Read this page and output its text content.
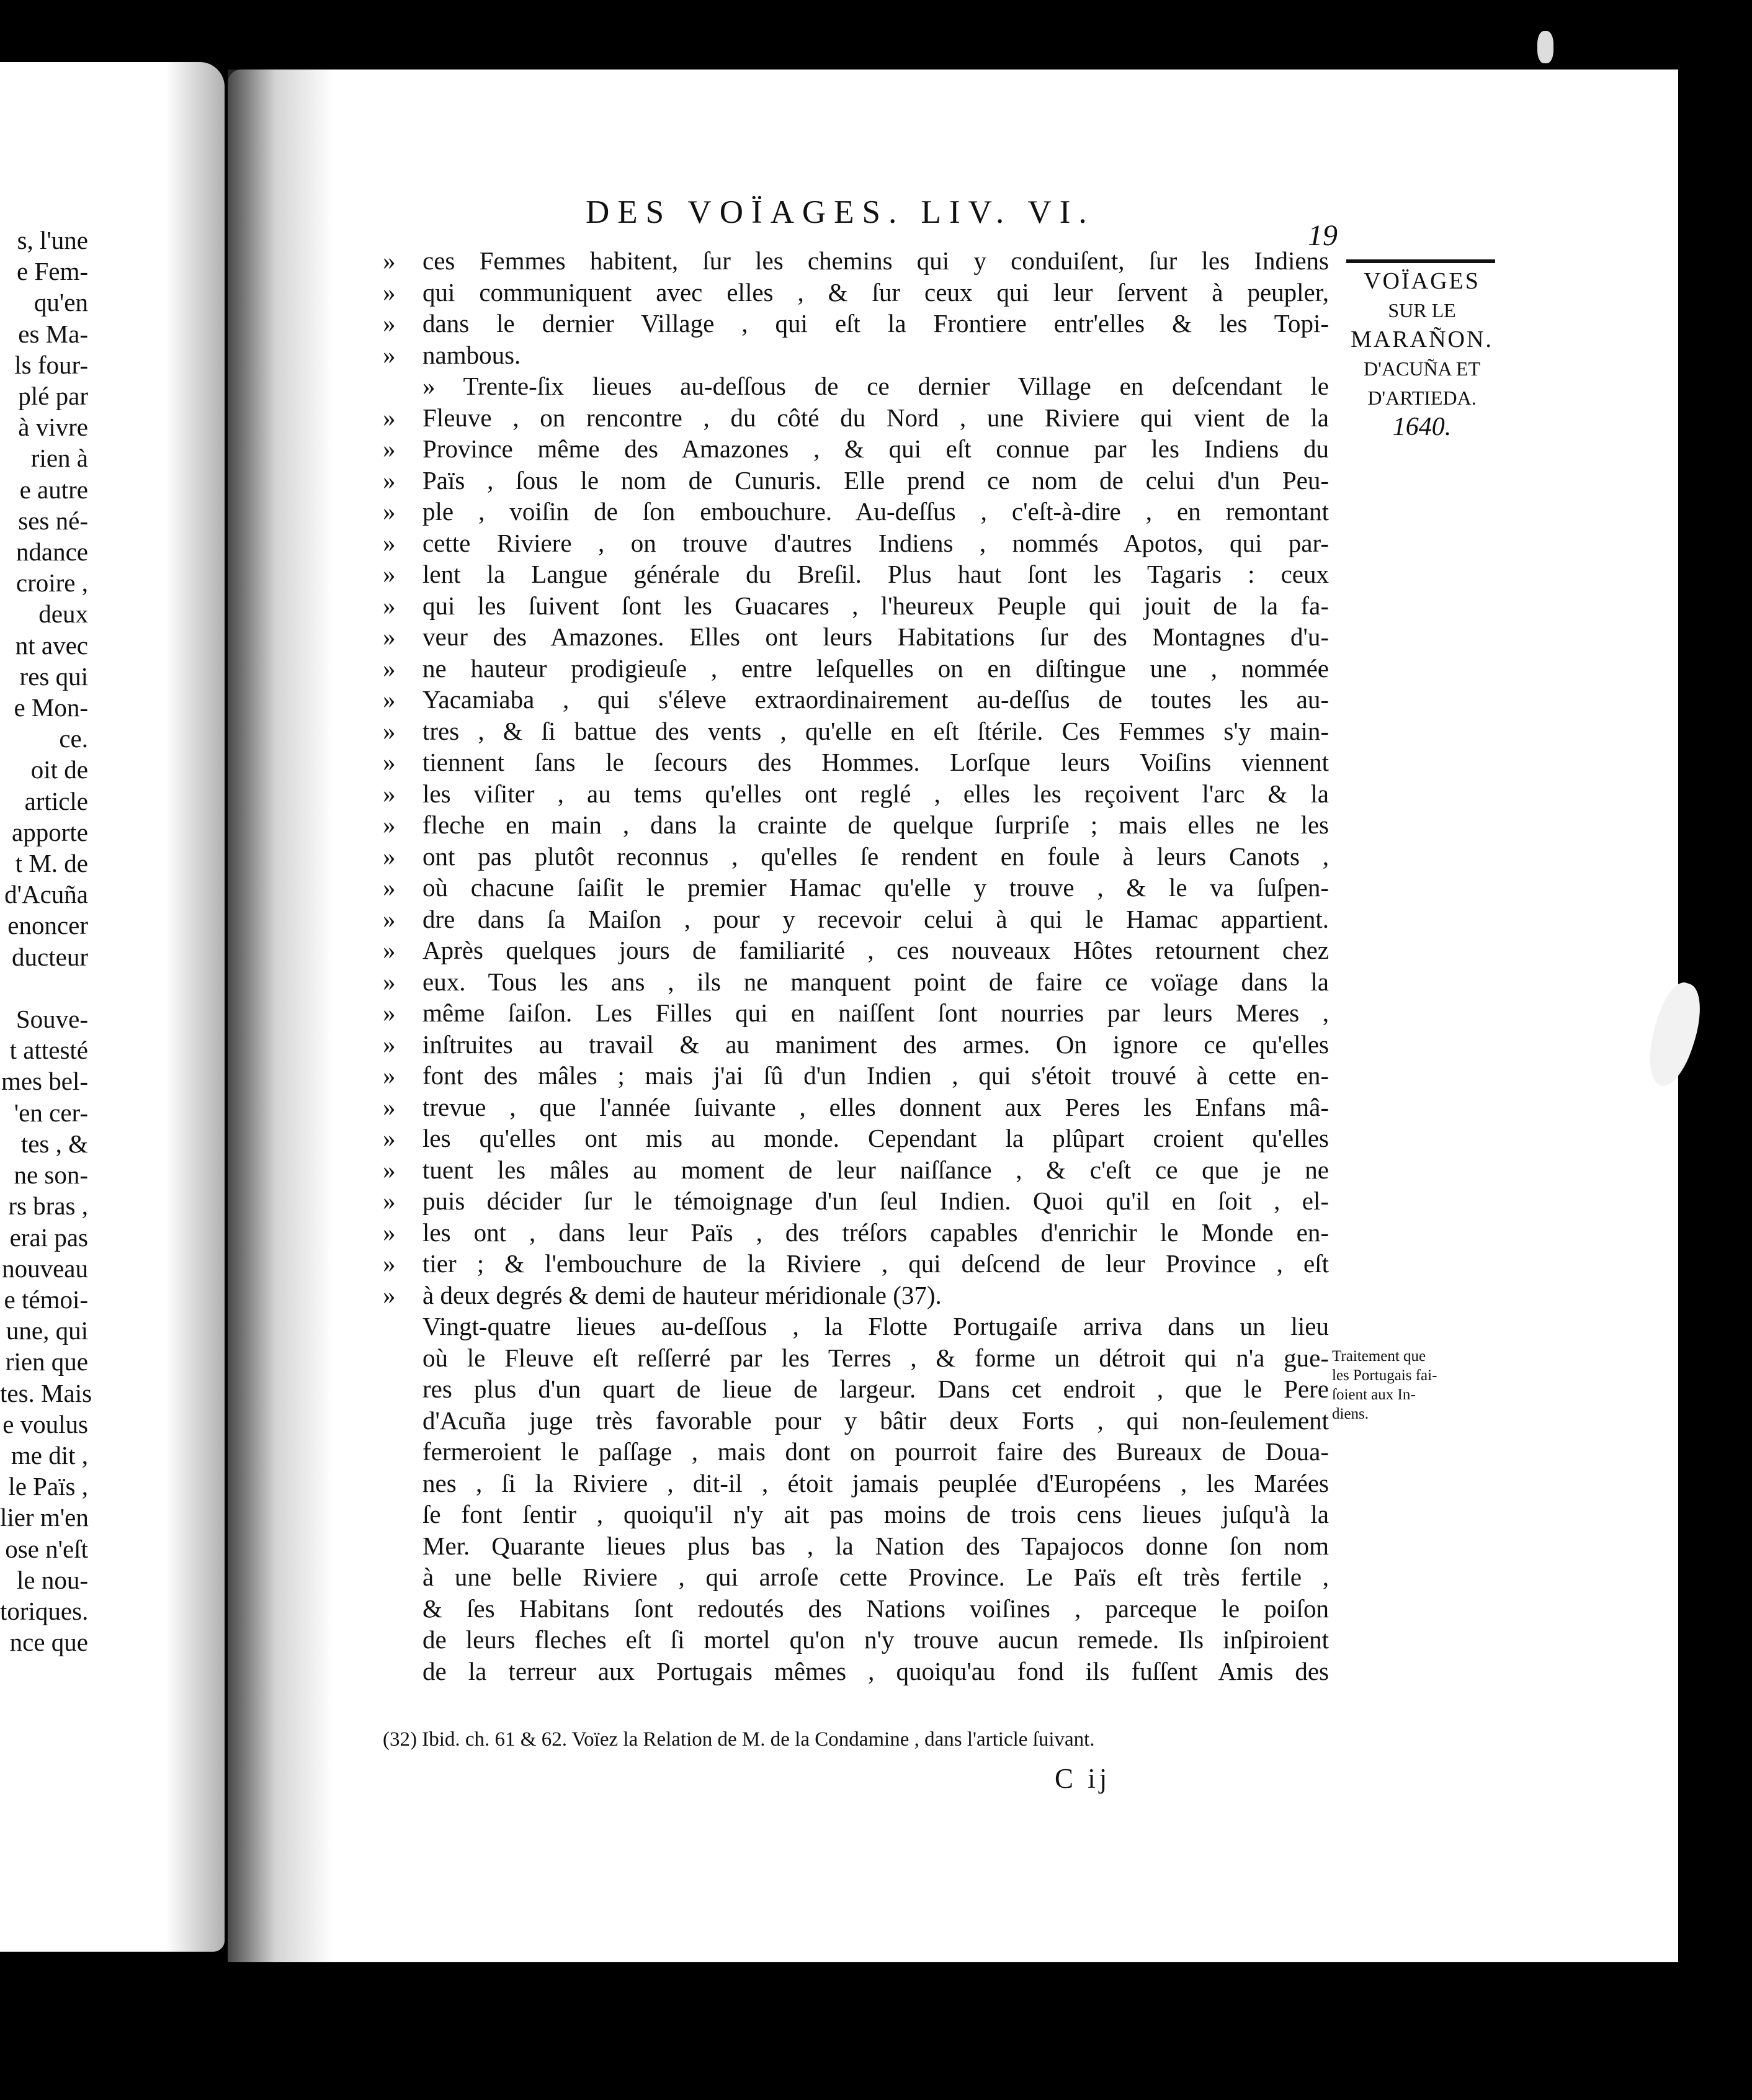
s, l'une
e Fem-
qu'en
es Ma-
ls four-
plé par
à vivre
rien à
e autre
ses né-
ndance
croire ,
deux
nt avec
res qui
e Mon-
ce.
oit de
article
apporte
t M. de
d'Acuña
enoncer
ducteur

Souve-
t attesté
mes bel-
'en cer-
tes , &
ne son-
rs bras ,
erai pas
nouveau
e témoi-
une, qui
rien que
tes. Mais
e voulus
me dit ,
le Païs ,
lier m'en
ose n'eſt
le nou-
toriques.
nce que
DES VOÏAGES. LIV. VI.
19
VOÏAGES
SUR LE
MARAÑON.
D'ACUÑA ET
D'ARTIEDA.
1640.
»	ces Femmes habitent, ſur les chemins qui y conduiſent, ſur les Indiens
»	qui communiquent avec elles , & ſur ceux qui leur ſervent à peupler,
»	dans le dernier Village , qui eſt la Frontiere entr'elles & les Topi-
»	nambous.
» Trente-ſix lieues au-deſſous de ce dernier Village en deſcendant le
»	Fleuve , on rencontre , du côté du Nord , une Riviere qui vient de la
»	Province même des Amazones , & qui eſt connue par les Indiens du
»	Païs , ſous le nom de Cunuris. Elle prend ce nom de celui d'un Peu-
»	ple , voiſin de ſon embouchure. Au-deſſus , c'eſt-à-dire , en remontant
»	cette Riviere , on trouve d'autres Indiens , nommés Apotos, qui par-
»	lent la Langue générale du Breſil. Plus haut ſont les Tagaris : ceux
»	qui les ſuivent ſont les Guacares , l'heureux Peuple qui jouit de la fa-
»	veur des Amazones. Elles ont leurs Habitations ſur des Montagnes d'u-
»	ne hauteur prodigieuſe , entre leſquelles on en diſtingue une , nommée
»	Yacamiaba , qui s'éleve extraordinairement au-deſſus de toutes les au-
»	tres , & ſi battue des vents , qu'elle en eſt ſtérile. Ces Femmes s'y main-
»	tiennent ſans le ſecours des Hommes. Lorſque leurs Voiſins viennent
»	les viſiter , au tems qu'elles ont reglé , elles les reçoivent l'arc & la
»	fleche en main , dans la crainte de quelque ſurpriſe ; mais elles ne les
»	ont pas plutôt reconnus , qu'elles ſe rendent en foule à leurs Canots ,
»	où chacune ſaiſit le premier Hamac qu'elle y trouve , & le va ſuſpen-
»	dre dans ſa Maiſon , pour y recevoir celui à qui le Hamac appartient.
»	Après quelques jours de familiarité , ces nouveaux Hôtes retournent chez
»	eux. Tous les ans , ils ne manquent point de faire ce voïage dans la
»	même ſaiſon. Les Filles qui en naiſſent ſont nourries par leurs Meres ,
»	inſtruites au travail & au maniment des armes. On ignore ce qu'elles
»	font des mâles ; mais j'ai ſû d'un Indien , qui s'étoit trouvé à cette en-
»	trevue , que l'année ſuivante , elles donnent aux Peres les Enfans mâ-
»	les qu'elles ont mis au monde. Cependant la plûpart croient qu'elles
»	tuent les mâles au moment de leur naiſſance , & c'eſt ce que je ne
»	puis décider ſur le témoignage d'un ſeul Indien. Quoi qu'il en ſoit , el-
»	les ont , dans leur Païs , des tréſors capables d'enrichir le Monde en-
»	tier ; & l'embouchure de la Riviere , qui deſcend de leur Province , eſt
»	à deux degrés & demi de hauteur méridionale (37).
Vingt-quatre lieues au-deſſous , la Flotte Portugaiſe arriva dans un lieu
où le Fleuve eſt reſſerré par les Terres , & forme un détroit qui n'a gue-
res plus d'un quart de lieue de largeur. Dans cet endroit , que le Pere
d'Acuña juge très favorable pour y bâtir deux Forts , qui non-ſeulement
fermeroient le paſſage , mais dont on pourroit faire des Bureaux de Doua-
nes , ſi la Riviere , dit-il , étoit jamais peuplée d'Européens , les Marées
ſe font ſentir , quoiqu'il n'y ait pas moins de trois cens lieues juſqu'à la
Mer. Quarante lieues plus bas , la Nation des Tapajocos donne ſon nom
à une belle Riviere , qui arroſe cette Province. Le Païs eſt très fertile ,
& ſes Habitans ſont redoutés des Nations voiſines , parceque le poiſon
de leurs fleches eſt ſi mortel qu'on n'y trouve aucun remede. Ils inſpiroient
de la terreur aux Portugais mêmes , quoiqu'au fond ils fuſſent Amis des
Traitement que
les Portugais fai-
ſoient aux In-
diens.
(32) Ibid. ch. 61 & 62. Voïez la Relation de M. de la Condamine , dans l'article ſuivant.
C ij
